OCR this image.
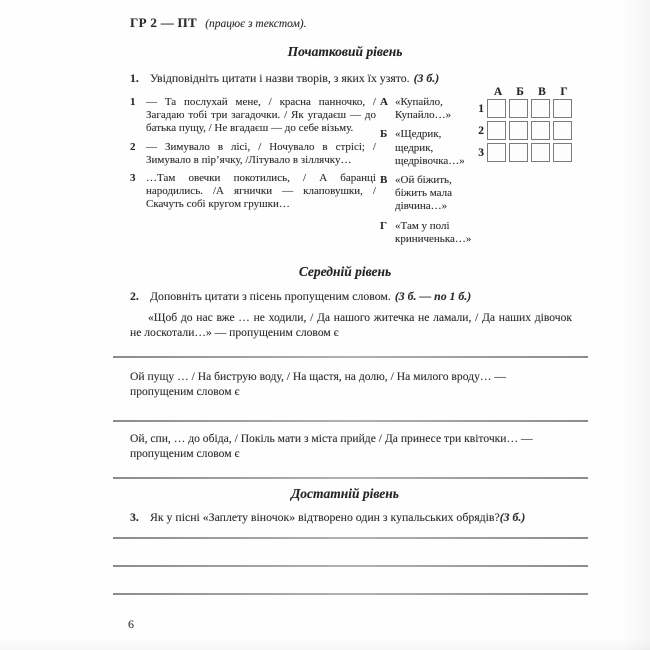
ГР 2 — ПТ (працює з текстом).
Початковий рівень
1. Увідповідніть цитати і назви творів, з яких їх узято. (3 б.)
1 — Та послухай мене, / красна панночко, / Загадаю тобі три загадочки. / Як угадаєш — до батька пущу, / Не вгадаєш — до себе візьму.
2 — Зимувало в лісі, / Ночувало в стрісі; / Зимувало в пір’ячку, /Літувало в зіллячку…
3 …Там овечки покотились, / А баранці народились. /А ягнички — клаповушки, / Скачуть собі кругом грушки…
А «Купайло, Купайло…»
Б «Щедрик, щедрик, щедрівочка…»
В «Ой біжить, біжить мала дівчина…»
Г «Там у полі криниченька…»
А	Б	В	Г
1
2
3
Середній рівень
2. Доповніть цитати з пісень пропущеним словом. (3 б. — по 1 б.)
«Щоб до нас вже … не ходили, / Да нашого житечка не ламали, / Да наших дівочок не лоскотали…» — пропущеним словом є
Ой пущу … / На биструю воду, / На щастя, на долю, / На милого вроду… — пропущеним словом є
Ой, спи, … до обіда, / Покіль мати з міста прийде / Да принесе три квіточки… — пропущеним словом є
Достатній рівень
3. Як у пісні «Заплету віночок» відтворено один з купальських обрядів?(3 б.)
6
